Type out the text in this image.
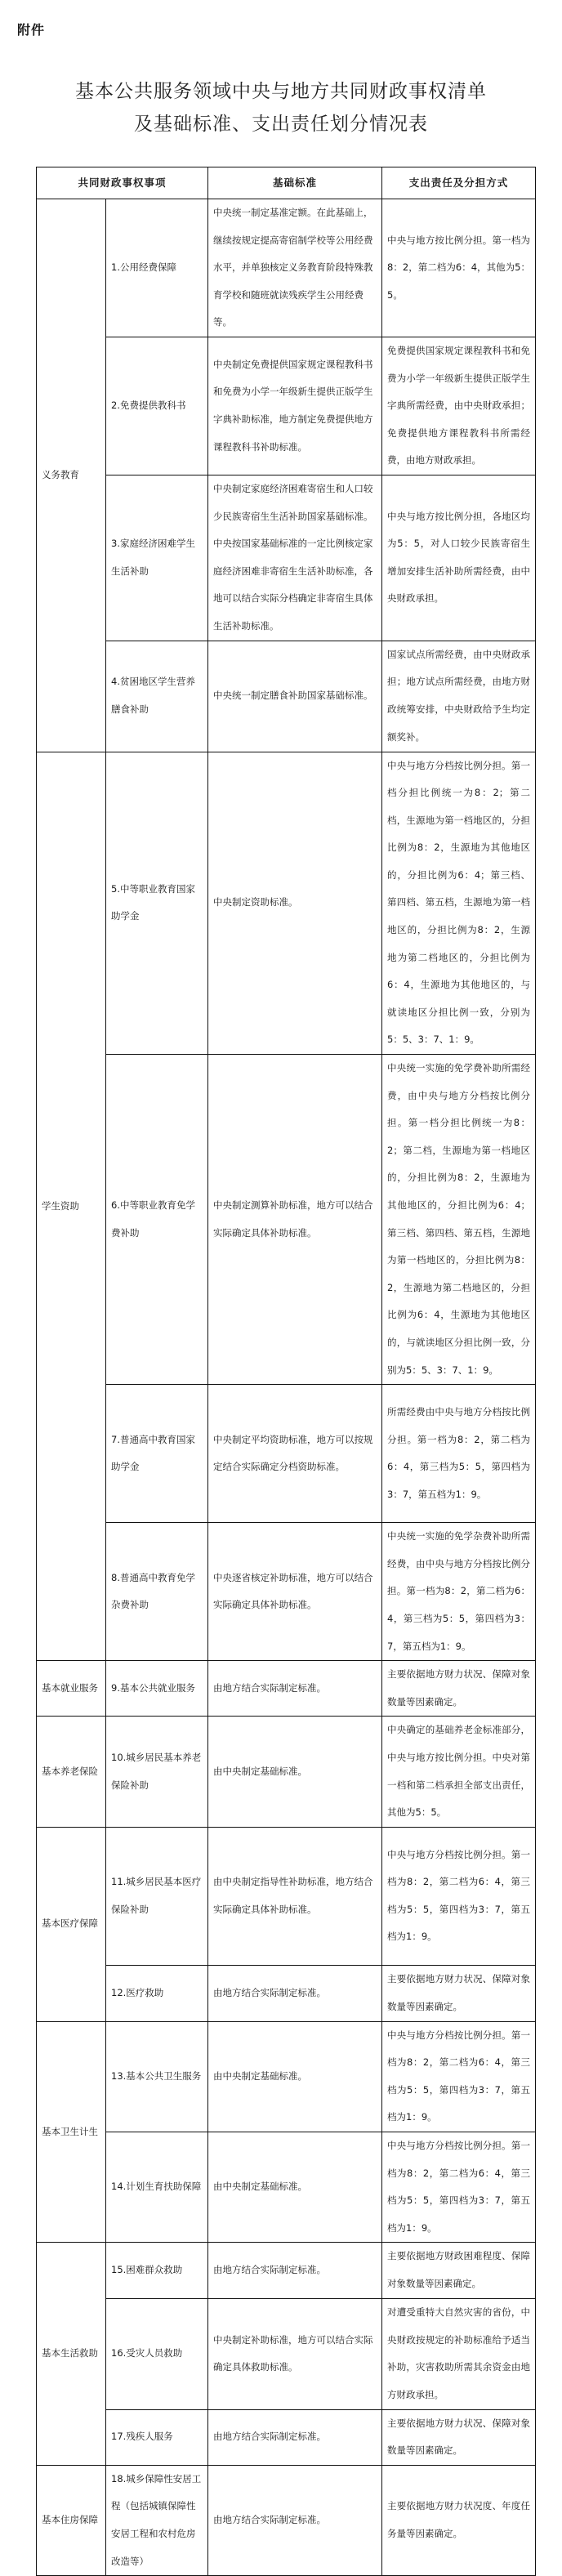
附件
基本公共服务领域中央与地方共同财政事权清单
及基础标准、支出责任划分情况表
共同财政事权事项		基础标准	支出责任及分担方式
义务教育	1.公用经费保障	中央统一制定基准定额。在此基础上，继续按规定提高寄宿制学校等公用经费水平，并单独核定义务教育阶段特殊教育学校和随班就读残疾学生公用经费等。	中央与地方按比例分担。第一档为8：2，第二档为6：4，其他为5：5。
	2.免费提供教科书	中央制定免费提供国家规定课程教科书和免费为小学一年级新生提供正版学生字典补助标准，地方制定免费提供地方课程教科书补助标准。	免费提供国家规定课程教科书和免费为小学一年级新生提供正版学生字典所需经费，由中央财政承担；免费提供地方课程教科书所需经费，由地方财政承担。
	3.家庭经济困难学生生活补助	中央制定家庭经济困难寄宿生和人口较少民族寄宿生生活补助国家基础标准。中央按国家基础标准的一定比例核定家庭经济困难非寄宿生生活补助标准，各地可以结合实际分档确定非寄宿生具体生活补助标准。	中央与地方按比例分担，各地区均为5：5，对人口较少民族寄宿生增加安排生活补助所需经费，由中央财政承担。
	4.贫困地区学生营养膳食补助	中央统一制定膳食补助国家基础标准。	国家试点所需经费，由中央财政承担；地方试点所需经费，由地方财政统筹安排，中央财政给予生均定额奖补。
学生资助	5.中等职业教育国家助学金	中央制定资助标准。	中央与地方分档按比例分担。第一档分担比例统一为8：2；第二档，生源地为第一档地区的，分担比例为8：2，生源地为其他地区的，分担比例为6：4；第三档、第四档、第五档，生源地为第一档地区的，分担比例为8：2，生源地为第二档地区的，分担比例为6：4，生源地为其他地区的，与就读地区分担比例一致，分别为5：5、3：7、1：9。
	6.中等职业教育免学费补助	中央制定测算补助标准，地方可以结合实际确定具体补助标准。	中央统一实施的免学费补助所需经费，由中央与地方分档按比例分担。第一档分担比例统一为8：2；第二档，生源地为第一档地区的，分担比例为8：2，生源地为其他地区的，分担比例为6：4；第三档、第四档、第五档，生源地为第一档地区的，分担比例为8：2，生源地为第二档地区的，分担比例为6：4，生源地为其他地区的，与就读地区分担比例一致，分别为5：5、3：7、1：9。
	7.普通高中教育国家助学金	中央制定平均资助标准，地方可以按规定结合实际确定分档资助标准。	所需经费由中央与地方分档按比例分担。第一档为8：2，第二档为6：4，第三档为5：5，第四档为3：7，第五档为1：9。
	8.普通高中教育免学杂费补助	中央逐省核定补助标准，地方可以结合实际确定具体补助标准。	中央统一实施的免学杂费补助所需经费，由中央与地方分档按比例分担。第一档为8：2，第二档为6：4，第三档为5：5，第四档为3：7，第五档为1：9。
基本就业服务	9.基本公共就业服务	由地方结合实际制定标准。	主要依据地方财力状况、保障对象数量等因素确定。
基本养老保险	10.城乡居民基本养老保险补助	由中央制定基础标准。	中央确定的基础养老金标准部分，中央与地方按比例分担。中央对第一档和第二档承担全部支出责任，其他为5：5。
基本医疗保障	11.城乡居民基本医疗保险补助	由中央制定指导性补助标准，地方结合实际确定具体补助标准。	中央与地方分档按比例分担。第一档为8：2，第二档为6：4，第三档为5：5，第四档为3：7，第五档为1：9。
	12.医疗救助	由地方结合实际制定标准。	主要依据地方财力状况、保障对象数量等因素确定。
基本卫生计生	13.基本公共卫生服务	由中央制定基础标准。	中央与地方分档按比例分担。第一档为8：2，第二档为6：4，第三档为5：5，第四档为3：7，第五档为1：9。
	14.计划生育扶助保障	由中央制定基础标准。	中央与地方分档按比例分担。第一档为8：2，第二档为6：4，第三档为5：5，第四档为3：7，第五档为1：9。
基本生活救助	15.困难群众救助	由地方结合实际制定标准。	主要依据地方财政困难程度、保障对象数量等因素确定。
	16.受灾人员救助	中央制定补助标准，地方可以结合实际确定具体救助标准。	对遭受重特大自然灾害的省份，中央财政按规定的补助标准给予适当补助，灾害救助所需其余资金由地方财政承担。
	17.残疾人服务	由地方结合实际制定标准。	主要依据地方财力状况、保障对象数量等因素确定。
基本住房保障	18.城乡保障性安居工程（包括城镇保障性安居工程和农村危房改造等）	由地方结合实际制定标准。	主要依据地方财力状况度、年度任务量等因素确定。
